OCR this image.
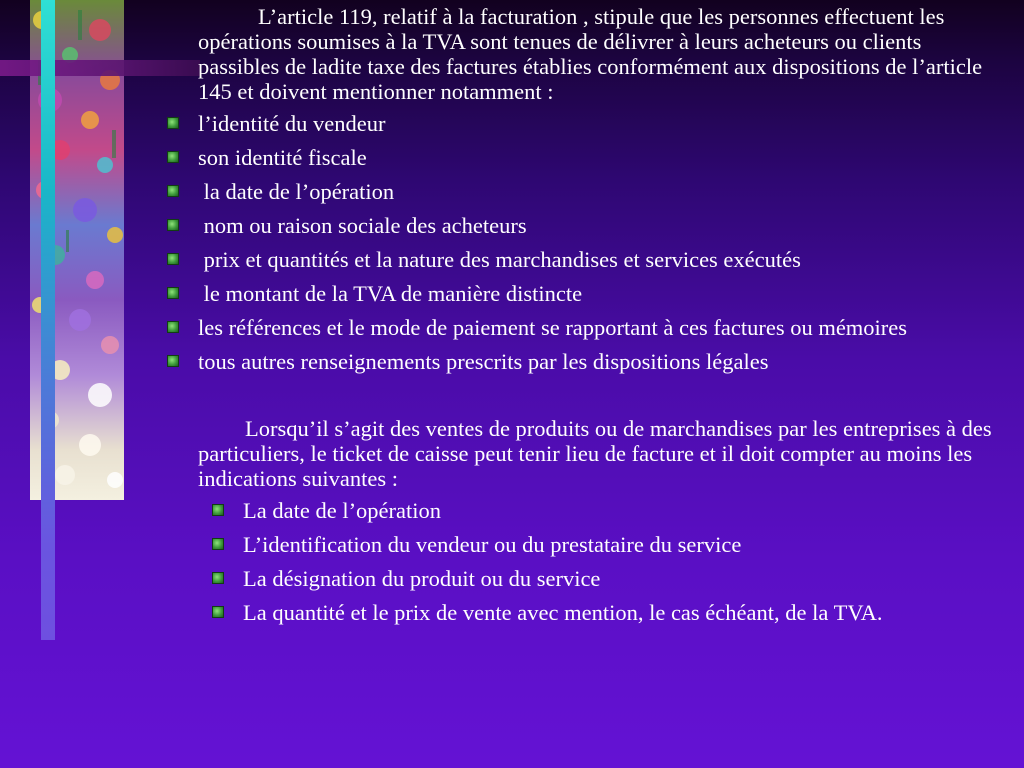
L’article 119, relatif à la facturation , stipule que les personnes effectuent les opérations soumises à la TVA sont tenues de délivrer à leurs acheteurs ou clients passibles de ladite taxe des factures établies conformément aux dispositions de l’article 145 et doivent mentionner notamment :

l’identité du vendeur
son identité fiscale
la date de l’opération
nom ou raison sociale des acheteurs
prix et quantités et la nature des marchandises et services exécutés
le montant de la TVA de manière distincte
les références et le mode de paiement se rapportant à ces factures ou mémoires
tous autres renseignements prescrits par les dispositions légales

Lorsqu’il s’agit des ventes de produits ou de marchandises par les entreprises à des particuliers, le ticket de caisse peut tenir lieu de facture et il doit compter au moins les indications suivantes :

La date de l’opération
L’identification du vendeur ou du prestataire du service
La désignation du produit ou du service
La quantité et le prix de vente avec mention, le cas échéant, de la TVA.
